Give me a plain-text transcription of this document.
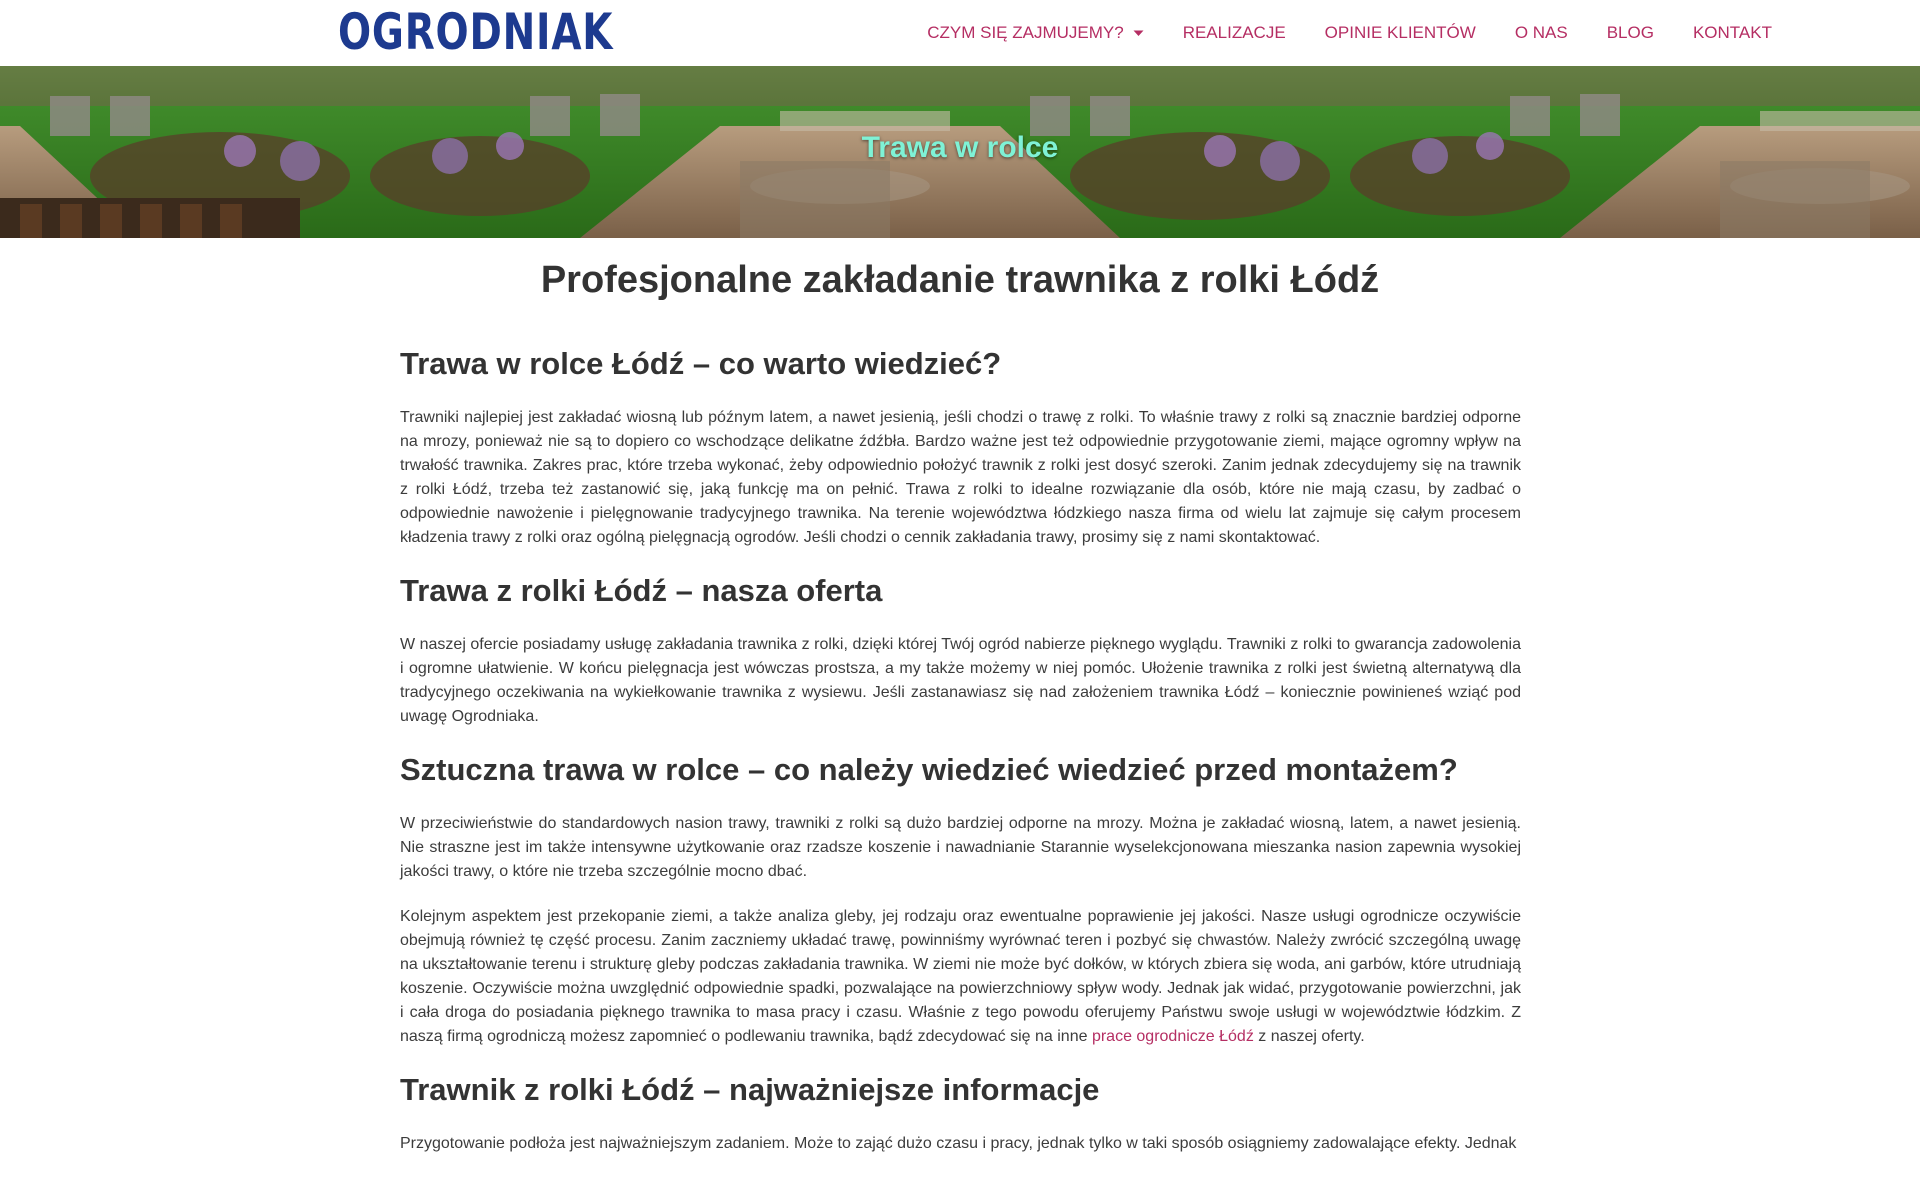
OGRODNIAK	CZYM SIĘ ZAJMUJEMY?	REALIZACJE OPINIE KLIENTÓW O NAS BLOG KONTAKT
Trawa w rolce
Profesjonalne zakładanie trawnika z rolki Łódź
Trawa w rolce Łódź – co warto wiedzieć?

Trawniki najlepiej jest zakładać wiosną lub późnym latem, a nawet jesienią, jeśli chodzi o trawę z rolki. To właśnie trawy z rolki są znacznie bardziej odporne na mrozy, ponieważ nie są to dopiero co wschodzące delikatne źdźbła. Bardzo ważne jest też odpowiednie przygotowanie ziemi, mające ogromny wpływ na trwałość trawnika. Zakres prac, które trzeba wykonać, żeby odpowiednio położyć trawnik z rolki jest dosyć szeroki. Zanim jednak zdecydujemy się na trawnik z rolki Łódź, trzeba też zastanowić się, jaką funkcję ma on pełnić. Trawa z rolki to idealne rozwiązanie dla osób, które nie mają czasu, by zadbać o odpowiednie nawożenie i pielęgnowanie tradycyjnego trawnika. Na terenie województwa łódzkiego nasza firma od wielu lat zajmuje się całym procesem kładzenia trawy z rolki oraz ogólną pielęgnacją ogrodów. Jeśli chodzi o cennik zakładania trawy, prosimy się z nami skontaktować.

Trawa z rolki Łódź – nasza oferta

W naszej ofercie posiadamy usługę zakładania trawnika z rolki, dzięki której Twój ogród nabierze pięknego wyglądu. Trawniki z rolki to gwarancja zadowolenia i ogromne ułatwienie. W końcu pielęgnacja jest wówczas prostsza, a my także możemy w niej pomóc. Ułożenie trawnika z rolki jest świetną alternatywą dla tradycyjnego oczekiwania na wykiełkowanie trawnika z wysiewu. Jeśli zastanawiasz się nad założeniem trawnika Łódź – koniecznie powinieneś wziąć pod uwagę Ogrodniaka.

Sztuczna trawa w rolce – co należy wiedzieć wiedzieć przed montażem?

W przeciwieństwie do standardowych nasion trawy, trawniki z rolki są dużo bardziej odporne na mrozy. Można je zakładać wiosną, latem, a nawet jesienią. Nie straszne jest im także intensywne użytkowanie oraz rzadsze koszenie i nawadnianie Starannie wyselekcjonowana mieszanka nasion zapewnia wysokiej jakości trawy, o które nie trzeba szczególnie mocno dbać.

Kolejnym aspektem jest przekopanie ziemi, a także analiza gleby, jej rodzaju oraz ewentualne poprawienie jej jakości. Nasze usługi ogrodnicze oczywiście obejmują również tę część procesu. Zanim zaczniemy układać trawę, powinniśmy wyrównać teren i pozbyć się chwastów. Należy zwrócić szczególną uwagę na ukształtowanie terenu i strukturę gleby podczas zakładania trawnika. W ziemi nie może być dołków, w których zbiera się woda, ani garbów, które utrudniają koszenie. Oczywiście można uwzględnić odpowiednie spadki, pozwalające na powierzchniowy spływ wody. Jednak jak widać, przygotowanie powierzchni, jak i cała droga do posiadania pięknego trawnika to masa pracy i czasu. Właśnie z tego powodu oferujemy Państwu swoje usługi w województwie łódzkim. Z naszą firmą ogrodniczą możesz zapomnieć o podlewaniu trawnika, bądź zdecydować się na inne prace ogrodnicze Łódź z naszej oferty.

Trawnik z rolki Łódź – najważniejsze informacje

Przygotowanie podłoża jest najważniejszym zadaniem. Może to zająć dużo czasu i pracy, jednak tylko w taki sposób osiągniemy zadowalające efekty. Jednak
